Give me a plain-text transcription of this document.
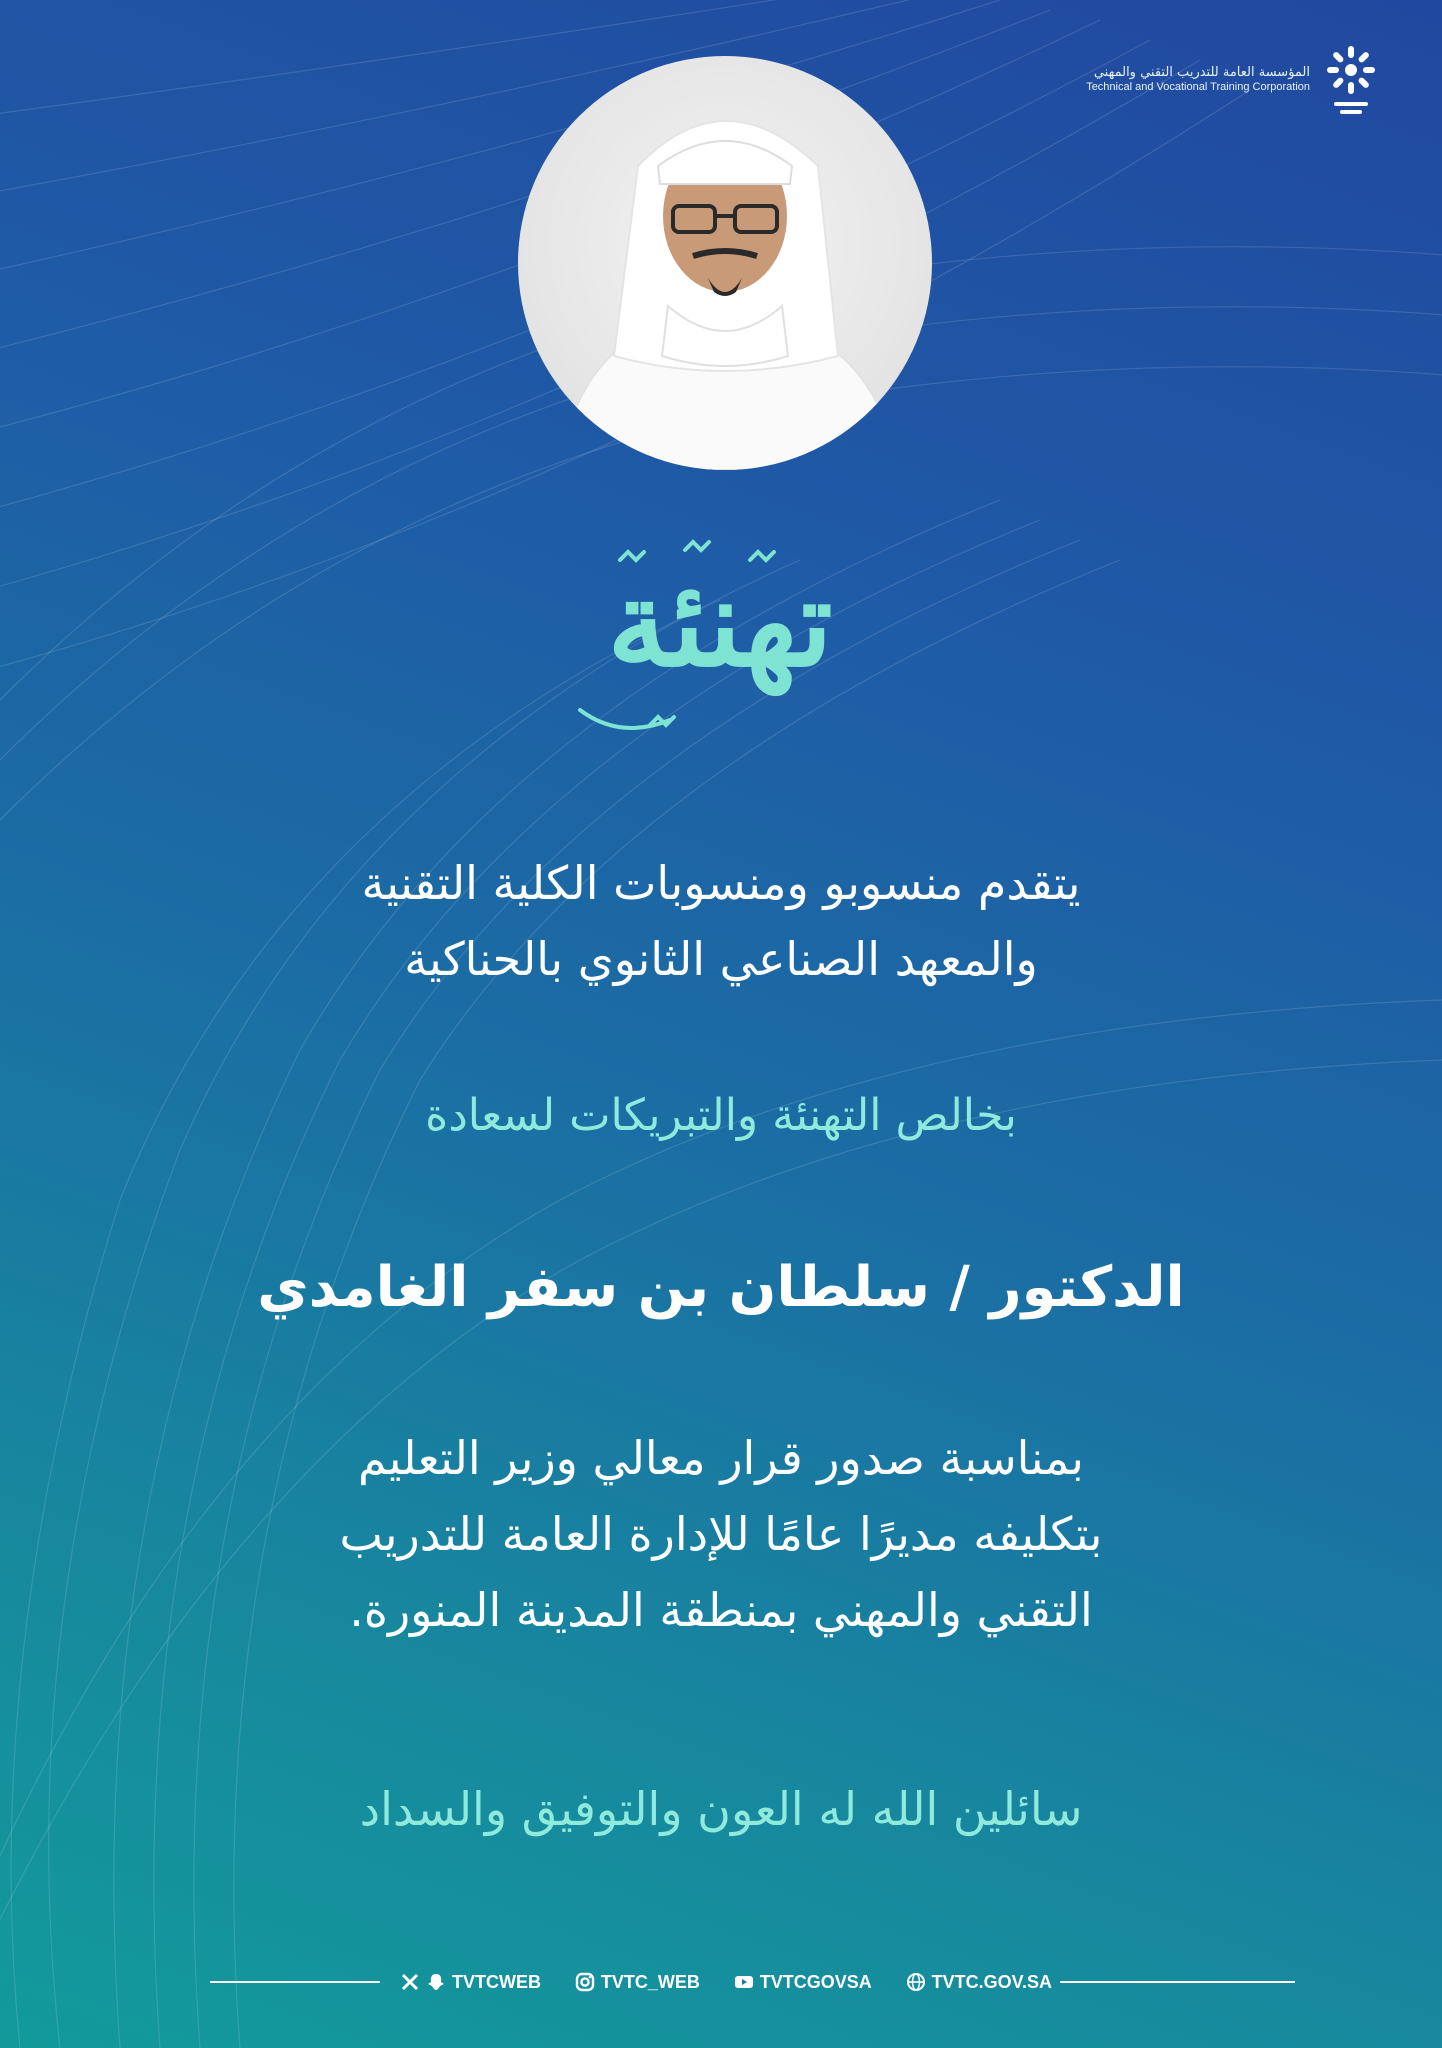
المؤسسة العامة للتدريب التقني والمهني
Technical and Vocational Training Corporation
تهنئة
يتقدم منسوبو ومنسوبات الكلية التقنية
والمعهد الصناعي الثانوي بالحناكية
بخالص التهنئة والتبريكات لسعادة
الدكتور / سلطان بن سفر الغامدي
بمناسبة صدور قرار معالي وزير التعليم
بتكليفه مديرًا عامًا للإدارة العامة للتدريب
التقني والمهني بمنطقة المدينة المنورة.
سائلين الله له العون والتوفيق والسداد
TVTCWEB	TVTC_WEB	TVTCGOVSA	TVTC.GOV.SA
